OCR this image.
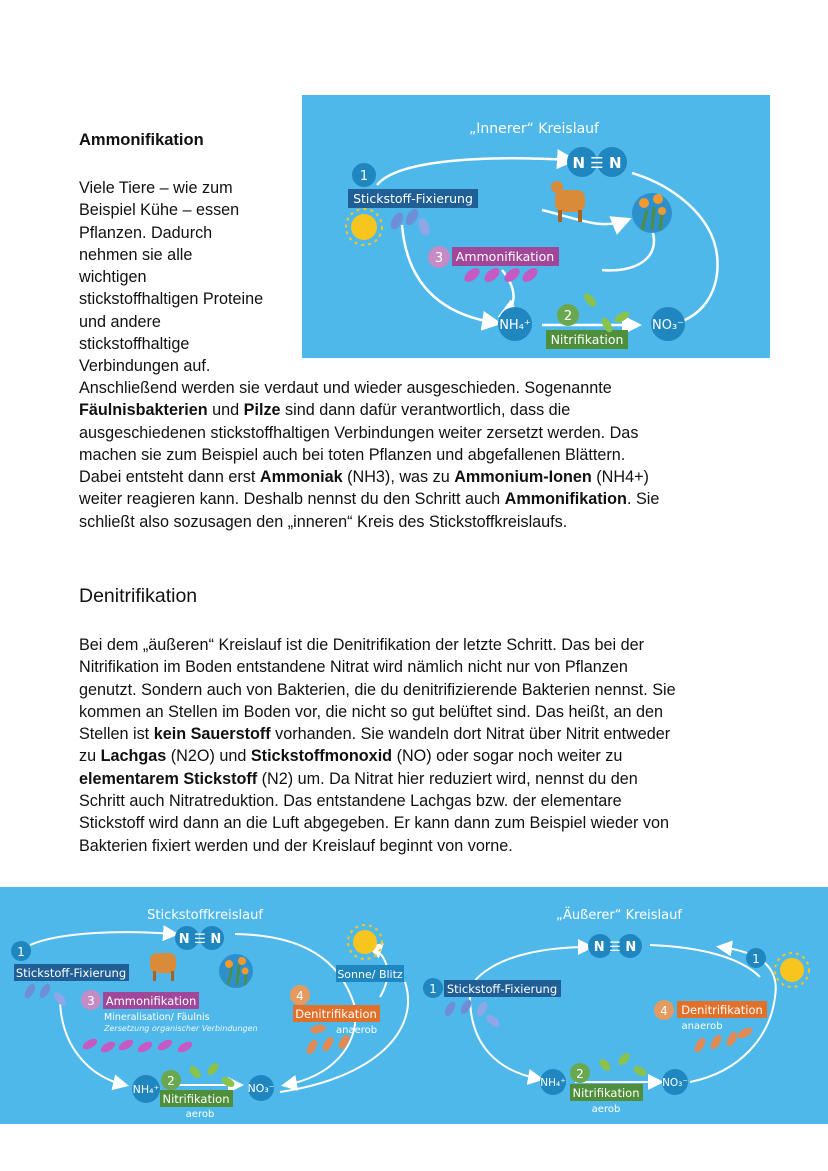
Ammonifikation
Viele Tiere – wie zum
Beispiel Kühe – essen
Pflanzen. Dadurch
nehmen sie alle
wichtigen
stickstoffhaltigen Proteine
und andere
stickstoffhaltige
Verbindungen auf.
Anschließend werden sie verdaut und wieder ausgeschieden. Sogenannte
Fäulnisbakterien und Pilze sind dann dafür verantwortlich, dass die
ausgeschiedenen stickstoffhaltigen Verbindungen weiter zersetzt werden. Das
machen sie zum Beispiel auch bei toten Pflanzen und abgefallenen Blättern.
Dabei entsteht dann erst Ammoniak (NH3), was zu Ammonium-Ionen (NH4+)
weiter reagieren kann. Deshalb nennst du den Schritt auch Ammonifikation. Sie
schließt also sozusagen den „inneren“ Kreis des Stickstoffkreislaufs.
„Innerer“ Kreislauf
N ☰ N
1
Stickstoff-Fixierung
3 Ammonifikation
NH₄⁺
2
Nitrifikation
NO₃⁻
Denitrifikation
Bei dem „äußeren“ Kreislauf ist die Denitrifikation der letzte Schritt. Das bei der
Nitrifikation im Boden entstandene Nitrat wird nämlich nicht nur von Pflanzen
genutzt. Sondern auch von Bakterien, die du denitrifizierende Bakterien nennst. Sie
kommen an Stellen im Boden vor, die nicht so gut belüftet sind. Das heißt, an den
Stellen ist kein Sauerstoff vorhanden. Sie wandeln dort Nitrat über Nitrit entweder
zu Lachgas (N2O) und Stickstoffmonoxid (NO) oder sogar noch weiter zu
elementarem Stickstoff (N2) um. Da Nitrat hier reduziert wird, nennst du den
Schritt auch Nitratreduktion. Das entstandene Lachgas bzw. der elementare
Stickstoff wird dann an die Luft abgegeben. Er kann dann zum Beispiel wieder von
Bakterien fixiert werden und der Kreislauf beginnt von vorne.
Stickstoffkreislauf
N ☰ N
1
Stickstoff-Fixierung	Sonne/ Blitz
3 Ammonifikation
Mineralisation/ Fäulnis
Zersetzung organischer Verbindungen
4
Denitrifikation
anaerob
NH₄⁺
2
Nitrifikation
aerob
NO₃⁻
„Äußerer“ Kreislauf
N ☰ N
1
1 Stickstoff-Fixierung
4 Denitrifikation
anaerob
NH₄⁺
2
Nitrifikation
aerob
NO₃⁻
